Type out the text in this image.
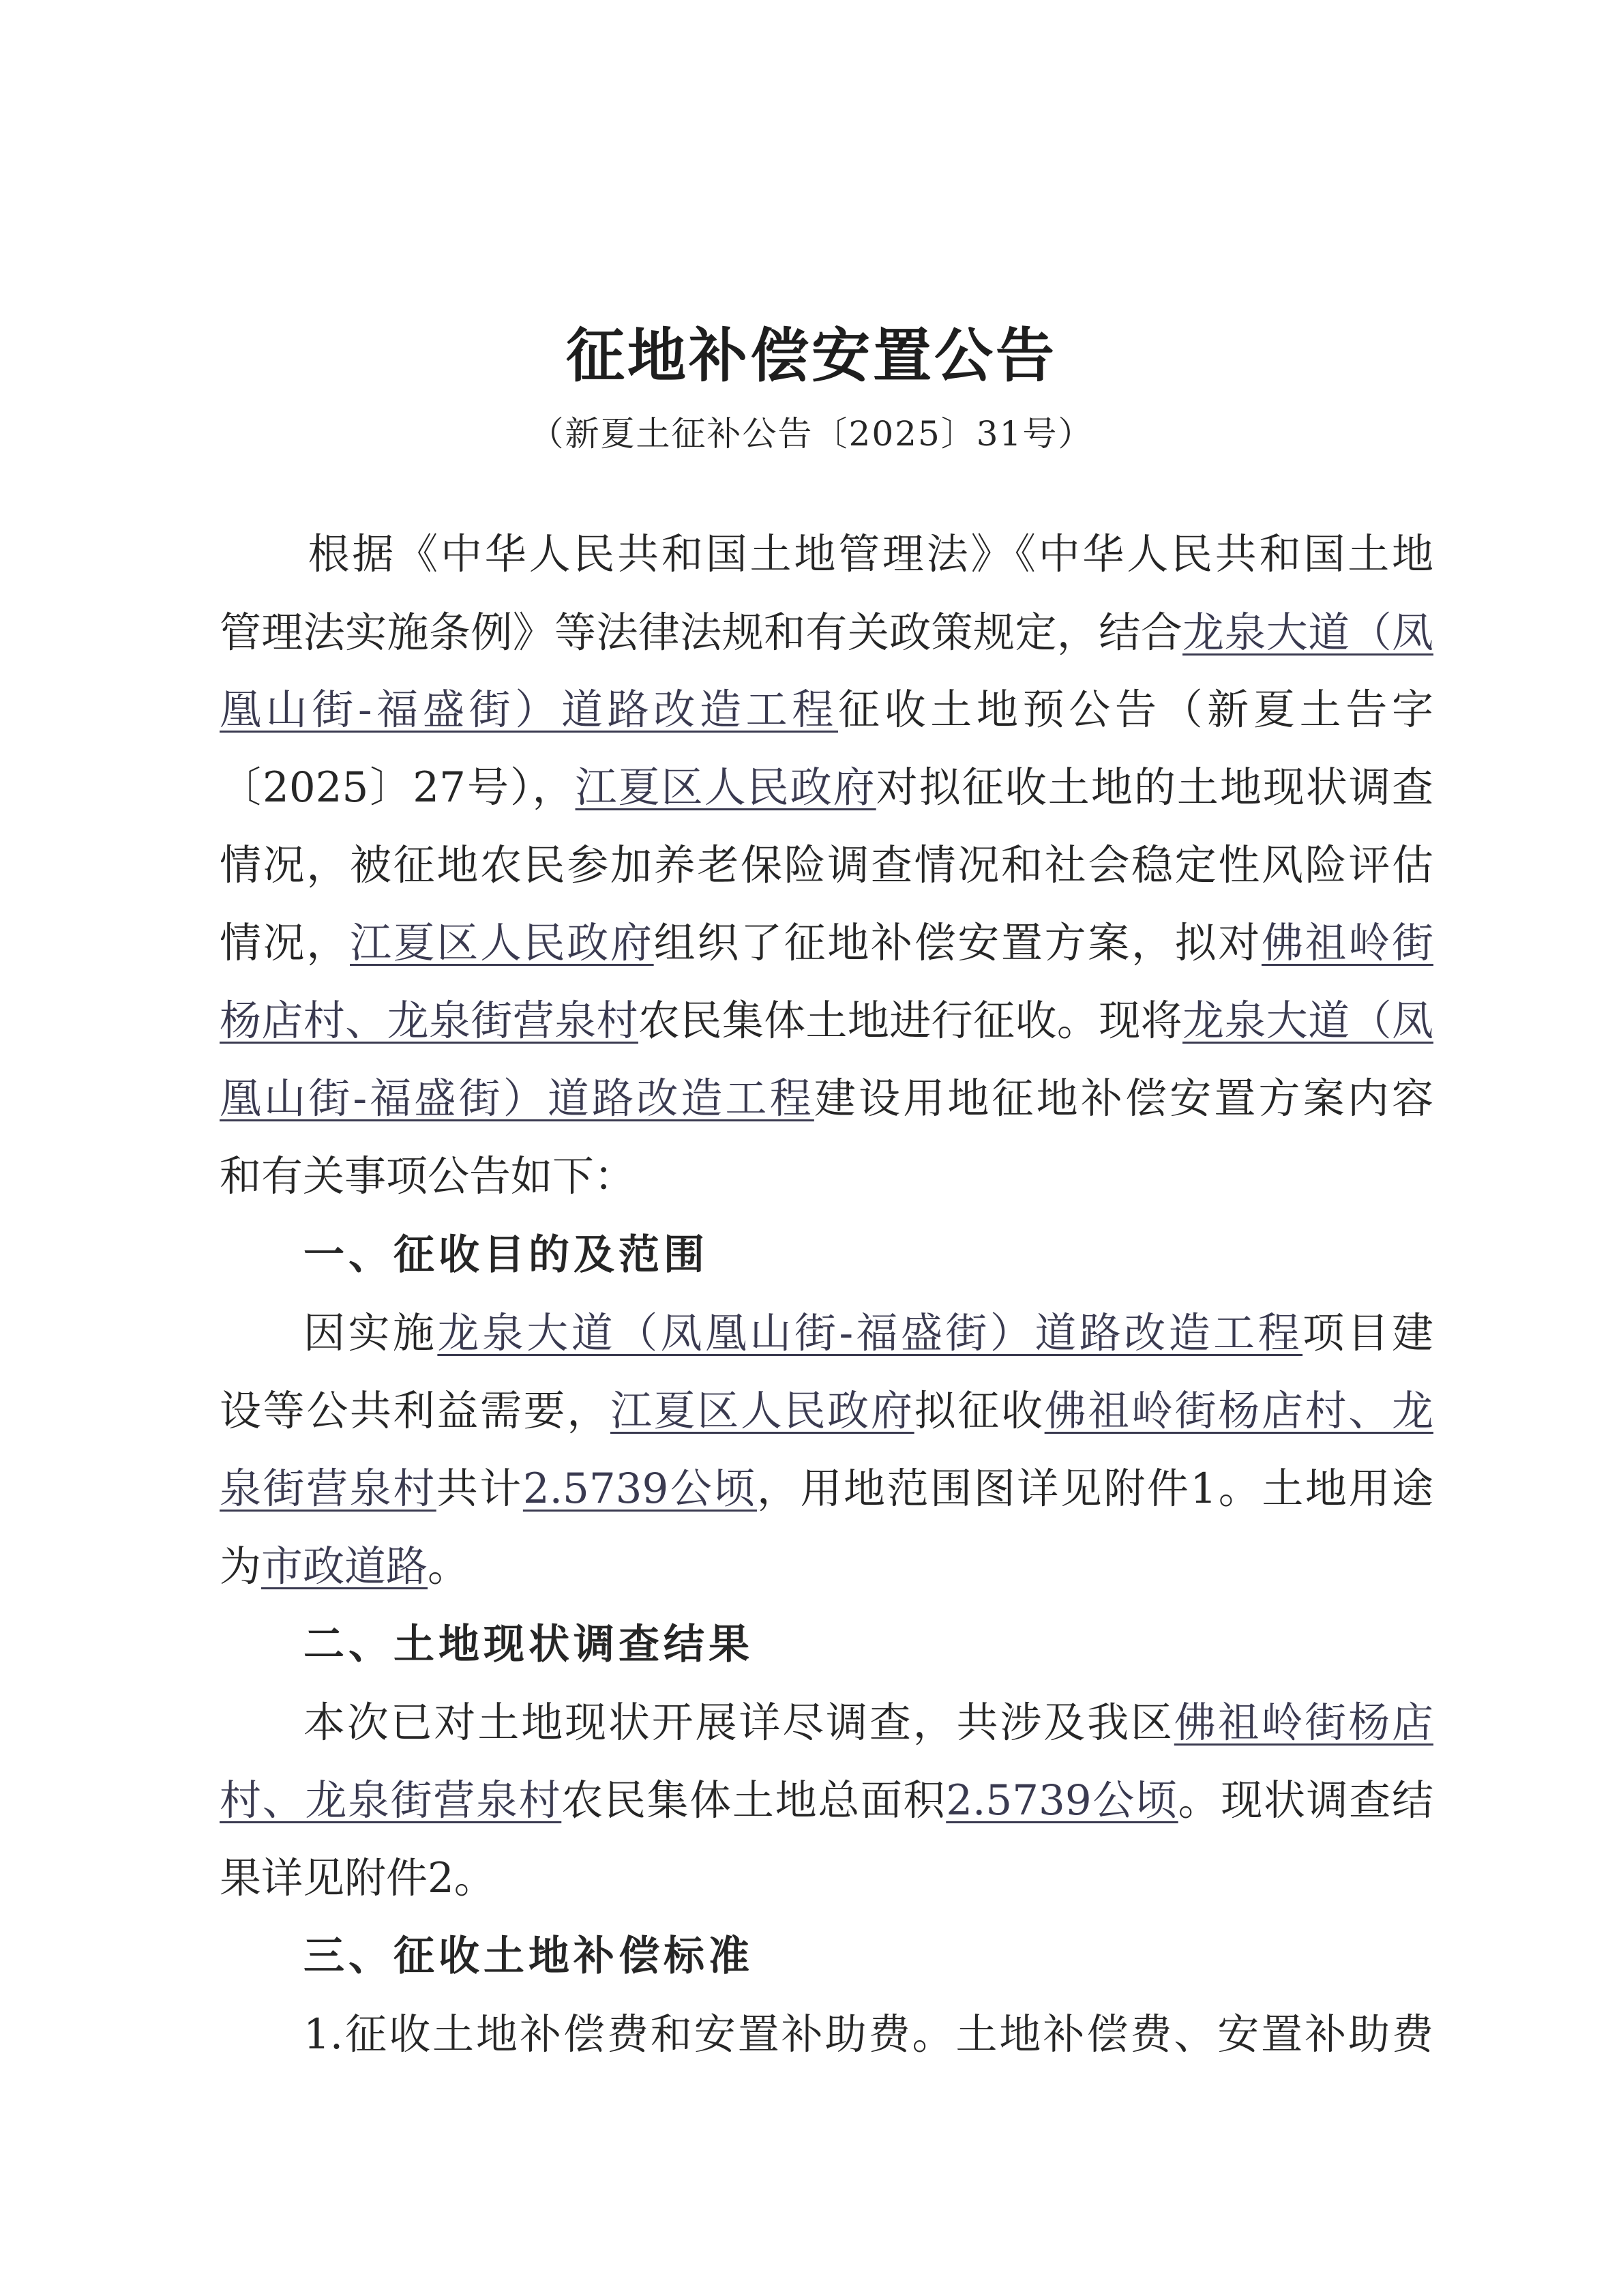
征地补偿安置公告
（新夏土征补公告〔2025〕31号）
　　根据《中华人民共和国土地管理法》《中华人民共和国土地
管理法实施条例》等法律法规和有关政策规定，结合龙泉大道（凤
凰山街-福盛街）道路改造工程征收土地预公告（新夏土告字
〔2025〕27号），江夏区人民政府对拟征收土地的土地现状调查
情况，被征地农民参加养老保险调查情况和社会稳定性风险评估
情况，江夏区人民政府组织了征地补偿安置方案，拟对佛祖岭街
杨店村、龙泉街营泉村农民集体土地进行征收。现将龙泉大道（凤
凰山街-福盛街）道路改造工程建设用地征地补偿安置方案内容
和有关事项公告如下：
一、征收目的及范围
因实施龙泉大道（凤凰山街-福盛街）道路改造工程项目建
设等公共利益需要，江夏区人民政府拟征收佛祖岭街杨店村、龙
泉街营泉村共计2.5739公顷，用地范围图详见附件1。土地用途
为市政道路。
二、土地现状调查结果
本次已对土地现状开展详尽调查，共涉及我区佛祖岭街杨店
村、龙泉街营泉村农民集体土地总面积2.5739公顷。现状调查结
果详见附件2。
三、征收土地补偿标准
1.征收土地补偿费和安置补助费。土地补偿费、安置补助费
